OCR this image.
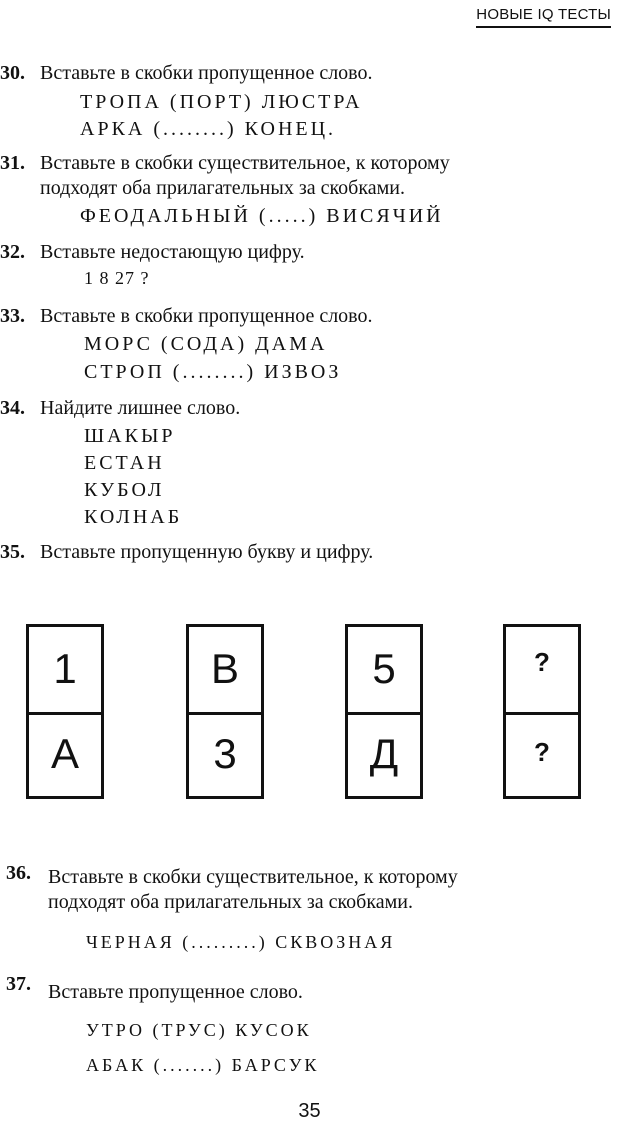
НОВЫЕ IQ ТЕСТЫ
30. Вставьте в скобки пропущенное слово.
ТРОПА (ПОРТ) ЛЮСТРА
АРКА (........) КОНЕЦ.
31. Вставьте в скобки существительное, к которому
подходят оба прилагательных за скобками.
ФЕОДАЛЬНЫЙ (.....) ВИСЯЧИЙ
32. Вставьте недостающую цифру.
1 8 27 ?
33. Вставьте в скобки пропущенное слово.
МОРС (СОДА) ДАМА
СТРОП (........) ИЗВОЗ
34. Найдите лишнее слово.
ШАКЫР
ЕСТАН
КУБОЛ
КОЛНАБ
35. Вставьте пропущенную букву и цифру.
1
А
В
3
5
Д
?
?
36. Вставьте в скобки существительное, к которому
подходят оба прилагательных за скобками.
ЧЕРНАЯ (.........) СКВОЗНАЯ
37. Вставьте пропущенное слово.
УТРО (ТРУС) КУСОК
АБАК (.......) БАРСУК
35
